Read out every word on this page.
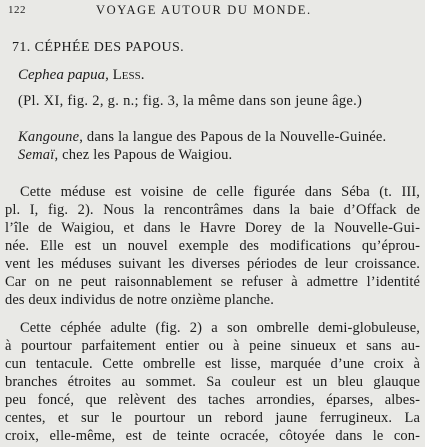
122	VOYAGE AUTOUR DU MONDE.
71. CÉPHÉE DES PAPOUS.
Cephea papua, Less.
(Pl. XI, fig. 2, g. n.; fig. 3, la même dans son jeune âge.)
Kangoune, dans la langue des Papous de la Nouvelle-Guinée.
Semaï, chez les Papous de Waigiou.
Cette méduse est voisine de celle figurée dans Séba (t. III,
pl. I, fig. 2). Nous la rencontrâmes dans la baie d’Offack de
l’île de Waigiou, et dans le Havre Dorey de la Nouvelle-Gui-
née. Elle est un nouvel exemple des modifications qu’éprou-
vent les méduses suivant les diverses périodes de leur croissance.
Car on ne peut raisonnablement se refuser à admettre l’identité
des deux individus de notre onzième planche.
Cette céphée adulte (fig. 2) a son ombrelle demi-globuleuse,
à pourtour parfaitement entier ou à peine sinueux et sans au-
cun tentacule. Cette ombrelle est lisse, marquée d’une croix à
branches étroites au sommet. Sa couleur est un bleu glauque
peu foncé, que relèvent des taches arrondies, éparses, albes-
centes, et sur le pourtour un rebord jaune ferrugineux. La
croix, elle-même, est de teinte ocracée, côtoyée dans le con-
